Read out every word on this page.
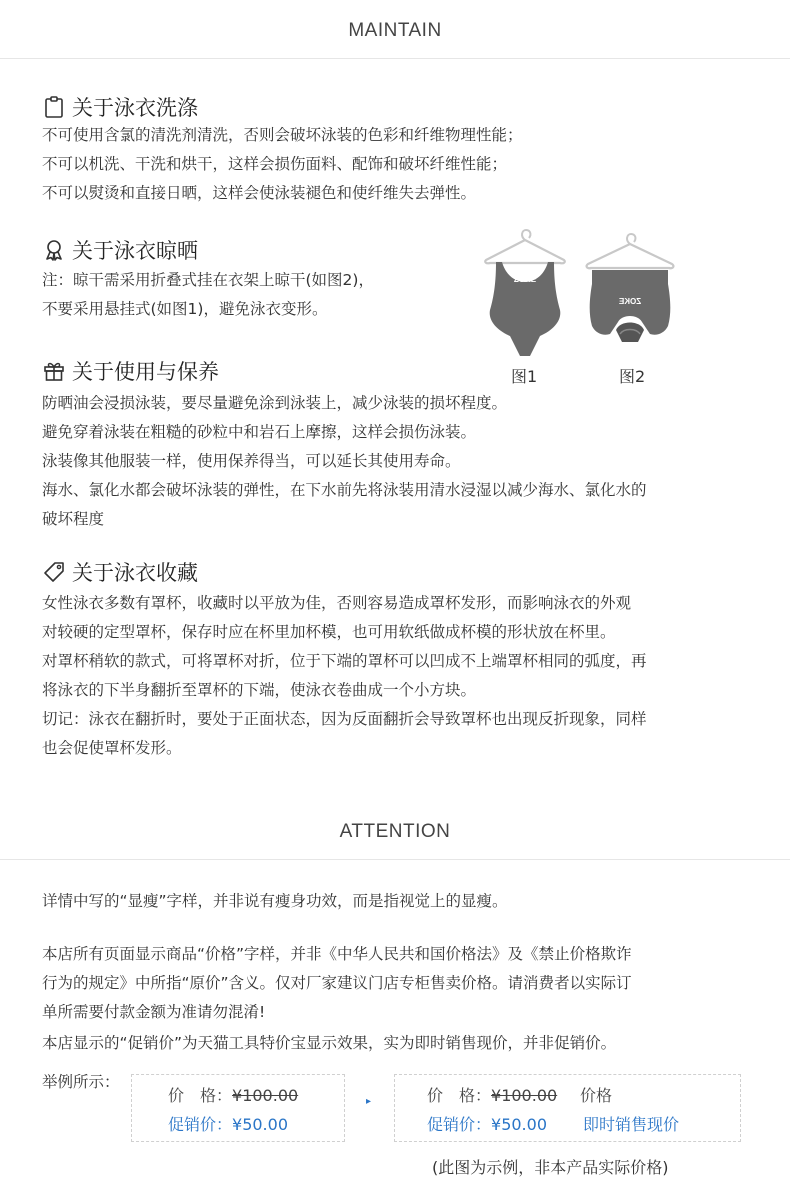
MAINTAIN
关于泳衣洗涤
不可使用含氯的清洗剂清洗，否则会破坏泳装的色彩和纤维物理性能；
不可以机洗、干洗和烘干，这样会损伤面料、配饰和破坏纤维性能；
不可以熨烫和直接日晒，这样会使泳装褪色和使纤维失去弹性。
关于泳衣晾晒
注：晾干需采用折叠式挂在衣架上晾干(如图2)，
不要采用悬挂式(如图1)，避免泳衣变形。
ZOKE
图1
ZOKE
图2
关于使用与保养
防晒油会浸损泳装，要尽量避免涂到泳装上，减少泳装的损坏程度。
避免穿着泳装在粗糙的砂粒中和岩石上摩擦，这样会损伤泳装。
泳装像其他服装一样，使用保养得当，可以延长其使用寿命。
海水、氯化水都会破坏泳装的弹性，在下水前先将泳装用清水浸湿以减少海水、氯化水的
破坏程度
关于泳衣收藏
女性泳衣多数有罩杯，收藏时以平放为佳，否则容易造成罩杯发形，而影响泳衣的外观
对较硬的定型罩杯，保存时应在杯里加杯模，也可用软纸做成杯模的形状放在杯里。
对罩杯稍软的款式，可将罩杯对折，位于下端的罩杯可以凹成不上端罩杯相同的弧度，再
将泳衣的下半身翻折至罩杯的下端，使泳衣卷曲成一个小方块。
切记：泳衣在翻折时，要处于正面状态，因为反面翻折会导致罩杯也出现反折现象，同样
也会促使罩杯发形。
ATTENTION
详情中写的“显瘦”字样，并非说有瘦身功效，而是指视觉上的显瘦。
本店所有页面显示商品“价格”字样，并非《中华人民共和国价格法》及《禁止价格欺诈
行为的规定》中所指“原价”含义。仅对厂家建议门店专柜售卖价格。请消费者以实际订
单所需要付款金额为准请勿混淆!
本店显示的“促销价”为天猫工具特价宝显示效果，实为即时销售现价，并非促销价。
举例所示：
价　格：¥100.00
促销价：¥50.00
▸	价　格：¥100.00 价格
促销价：¥50.00 即时销售现价
(此图为示例，非本产品实际价格)
